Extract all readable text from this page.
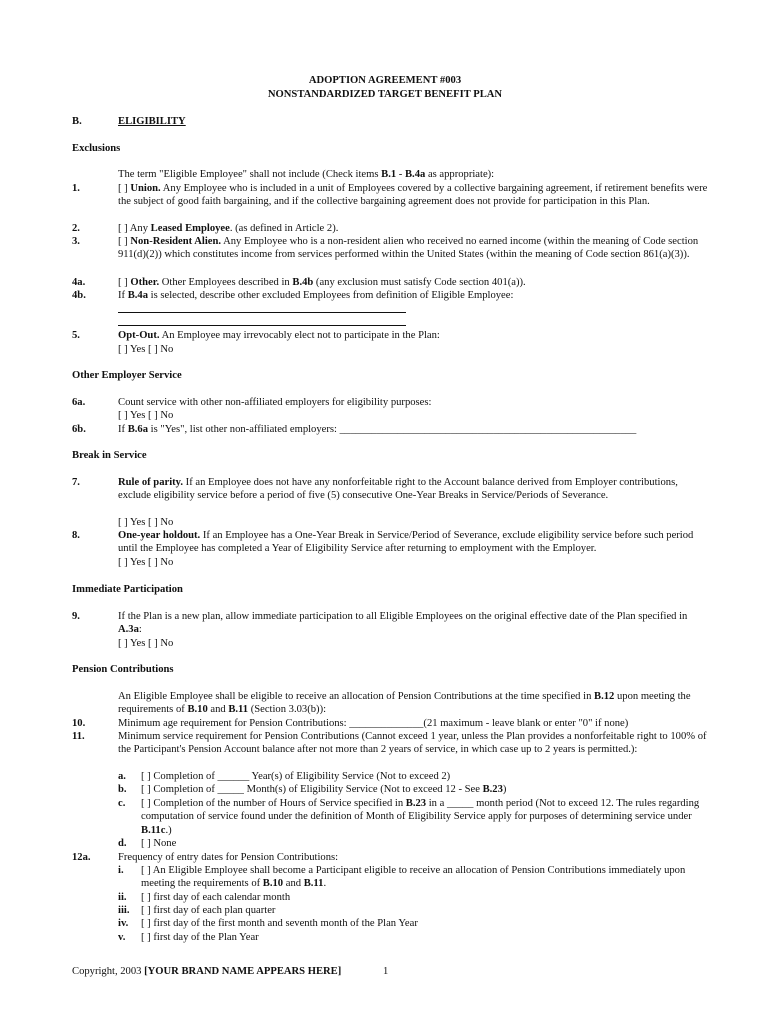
ADOPTION AGREEMENT #003
NONSTANDARDIZED TARGET BENEFIT PLAN
B.	ELIGIBILITY
Exclusions
The term "Eligible Employee" shall not include (Check items B.1 - B.4a as appropriate):
1.	[ ] Union. Any Employee who is included in a unit of Employees covered by a collective bargaining agreement, if retirement benefits were the subject of good faith bargaining, and if the collective bargaining agreement does not provide for participation in this Plan.
2.	[ ] Any Leased Employee. (as defined in Article 2).
3.	[ ] Non-Resident Alien. Any Employee who is a non-resident alien who received no earned income (within the meaning of Code section 911(d)(2)) which constitutes income from services performed within the United States (within the meaning of Code section 861(a)(3)).
4a.	[ ] Other. Other Employees described in B.4b (any exclusion must satisfy Code section 401(a)).
4b.	If B.4a is selected, describe other excluded Employees from definition of Eligible Employee:
5.	Opt-Out. An Employee may irrevocably elect not to participate in the Plan:
[ ] Yes [ ] No
Other Employer Service
6a.	Count service with other non-affiliated employers for eligibility purposes:
[ ] Yes [ ] No
6b.	If B.6a is "Yes", list other non-affiliated employers: ________________________________________________________
Break in Service
7.	Rule of parity. If an Employee does not have any nonforfeitable right to the Account balance derived from Employer contributions, exclude eligibility service before a period of five (5) consecutive One-Year Breaks in Service/Periods of Severance.
[ ] Yes [ ] No
8.	One-year holdout. If an Employee has a One-Year Break in Service/Period of Severance, exclude eligibility service before such period until the Employee has completed a Year of Eligibility Service after returning to employment with the Employer.
[ ] Yes [ ] No
Immediate Participation
9.	If the Plan is a new plan, allow immediate participation to all Eligible Employees on the original effective date of the Plan specified in A.3a:
[ ] Yes [ ] No
Pension Contributions
An Eligible Employee shall be eligible to receive an allocation of Pension Contributions at the time specified in B.12 upon meeting the requirements of B.10 and B.11 (Section 3.03(b)):
10.	Minimum age requirement for Pension Contributions: ______________(21 maximum - leave blank or enter "0" if none)
11.	Minimum service requirement for Pension Contributions (Cannot exceed 1 year, unless the Plan provides a nonforfeitable right to 100% of the Participant's Pension Account balance after not more than 2 years of service, in which case up to 2 years is permitted.):
a.	[ ] Completion of ______ Year(s) of Eligibility Service (Not to exceed 2)
b.	[ ] Completion of _____ Month(s) of Eligibility Service (Not to exceed 12 - See B.23)
c.	[ ] Completion of the number of Hours of Service specified in B.23 in a _____ month period (Not to exceed 12. The rules regarding computation of service found under the definition of Month of Eligibility Service apply for purposes of determining service under B.11c.)
d.	[ ] None
12a.	Frequency of entry dates for Pension Contributions:
i.	[ ] An Eligible Employee shall become a Participant eligible to receive an allocation of Pension Contributions immediately upon meeting the requirements of B.10 and B.11.
ii.	[ ] first day of each calendar month
iii.	[ ] first day of each plan quarter
iv.	[ ] first day of the first month and seventh month of the Plan Year
v.	[ ] first day of the Plan Year
Copyright, 2003 [YOUR BRAND NAME APPEARS HERE]	1
